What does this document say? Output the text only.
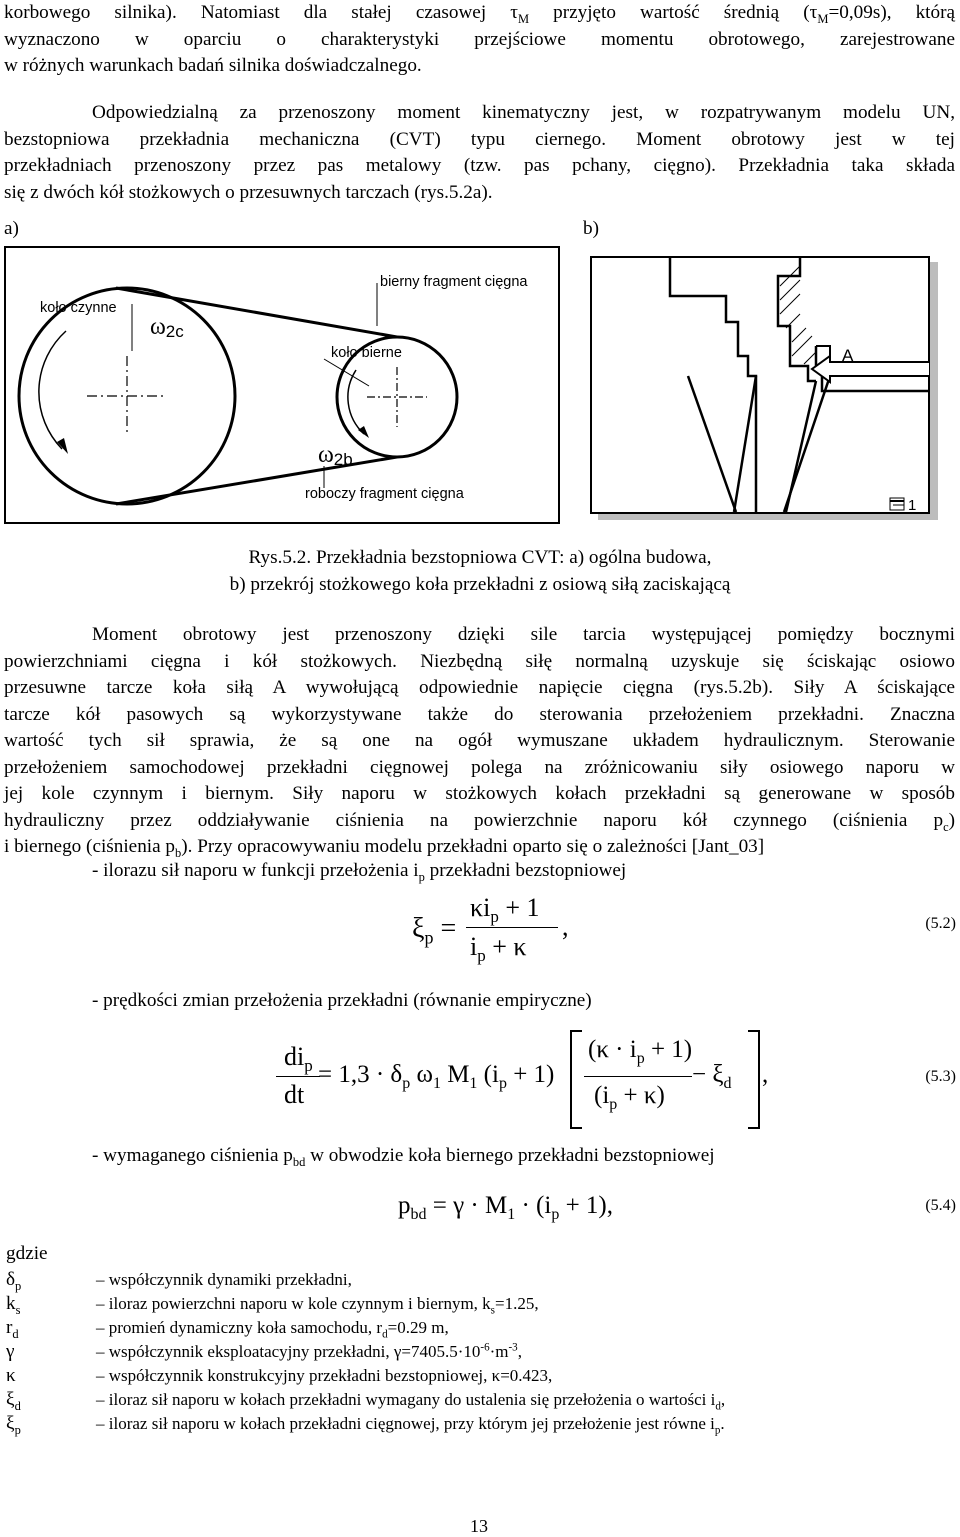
korbowego silnika). Natomiast dla stałej czasowej $\tau_M$ przyjęto wartość średnią $(\tau_M=0,09s)$, którą
wyznaczono w oparciu o charakterystyki przejściowe momentu obrotowego, zarejestrowane
w różnych warunkach badań silnika doświadczalnego.
Odpowiedzialną za przenoszony moment kinematyczny jest, w rozpatrywanym modelu UN,
bezstopniowa przekładnia mechaniczna (CVT) typu ciernego. Moment obrotowy jest w tej
przekładniach przenoszony przez pas metalowy (tzw. pas pchany, cięgno). Przekładnia taka składa
się z dwóch kół stożkowych o przesuwnych tarczach (rys.5.2a).
a)	b)
koło czynne
ω2c
bierny fragment cięgna
koło bierne
ω2b
roboczy fragment cięgna
A
1
Rys.5.2. Przekładnia bezstopniowa CVT: a) ogólna budowa,
b) przekrój stożkowego koła przekładni z osiową siłą zaciskającą
Moment obrotowy jest przenoszony dzięki sile tarcia występującej pomiędzy bocznymi
powierzchniami cięgna i kół stożkowych. Niezbędną siłę normalną uzyskuje się ściskając osiowo
przesuwne tarcze koła siłą A wywołującą odpowiednie napięcie cięgna (rys.5.2b). Siły A ściskające
tarcze kół pasowych są wykorzystywane także do sterowania przełożeniem przekładni. Znaczna
wartość tych sił sprawia, że są one na ogół wymuszane układem hydraulicznym. Sterowanie
przełożeniem samochodowej przekładni cięgnowej polega na zróżnicowaniu siły osiowego naporu w
jej kole czynnym i biernym. Siły naporu w stożkowych kołach przekładni są generowane w sposób
hydrauliczny przez oddziaływanie ciśnienia na powierzchnie naporu kół czynnego (ciśnienia $p_c$)
i biernego (ciśnienia $p_b$). Przy opracowywaniu modelu przekładni oparto się o zależności [Jant_03]
- ilorazu sił naporu w funkcji przełożenia $i_p$ przekładni bezstopniowej
$\xi_p$ =
$\kappa i_p + 1$
$i_p + \kappa$
,	(5.2)
- prędkości zmian przełożenia przekładni (równanie empiryczne)
$di_p$
dt
= $1,3 \cdot \delta_p$ $\omega_1$ $M_1$ $(i_p + 1)$
$(\kappa \cdot i_p + 1)$
$(i_p + \kappa)$
− $\xi_d$ ,	(5.3)
- wymaganego ciśnienia $p_{bd}$ w obwodzie koła biernego przekładni bezstopniowej
$p_{bd} = \gamma \cdot M_1 \cdot (i_p + 1)$,	(5.4)
gdzie
$\delta_p$	– współczynnik dynamiki przekładni,
$k_s$	– iloraz powierzchni naporu w kole czynnym i biernym, $k_s=1.25$,
$r_d$	– promień dynamiczny koła samochodu, $r_d=0.29$ m,
γ	– współczynnik eksploatacyjny przekładni, $\gamma=7405.5\cdot 10^{-6}\cdot m^{-3}$,
κ	– współczynnik konstrukcyjny przekładni bezstopniowej, κ=0.423,
$\xi_d$	– iloraz sił naporu w kołach przekładni wymagany do ustalenia się przełożenia o wartości $i_d$,
$\xi_p$	– iloraz sił naporu w kołach przekładni cięgnowej, przy którym jej przełożenie jest równe $i_p$.
13
